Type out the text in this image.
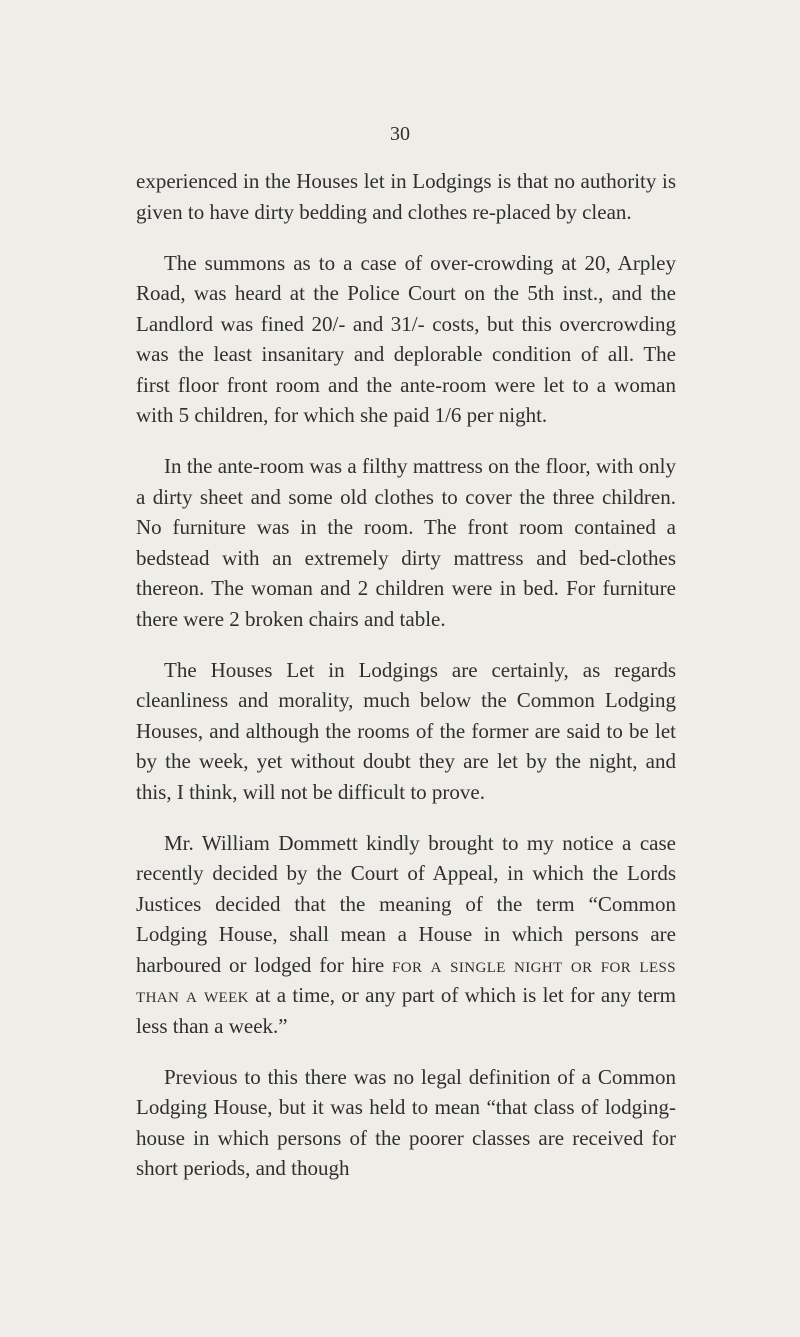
30

experienced in the Houses let in Lodgings is that no authority is given to have dirty bedding and clothes re-placed by clean.

The summons as to a case of over-crowding at 20, Arpley Road, was heard at the Police Court on the 5th inst., and the Landlord was fined 20/- and 31/- costs, but this overcrowding was the least insanitary and deplorable condition of all. The first floor front room and the ante-room were let to a woman with 5 children, for which she paid 1/6 per night.

In the ante-room was a filthy mattress on the floor, with only a dirty sheet and some old clothes to cover the three children. No furniture was in the room. The front room contained a bedstead with an extremely dirty mattress and bed-clothes thereon. The woman and 2 children were in bed. For furniture there were 2 broken chairs and table.

The Houses Let in Lodgings are certainly, as regards cleanliness and morality, much below the Common Lodging Houses, and although the rooms of the former are said to be let by the week, yet without doubt they are let by the night, and this, I think, will not be difficult to prove.

Mr. William Dommett kindly brought to my notice a case recently decided by the Court of Appeal, in which the Lords Justices decided that the meaning of the term “Common Lodging House, shall mean a House in which persons are harboured or lodged for hire for a single night or for less than a week at a time, or any part of which is let for any term less than a week.”

Previous to this there was no legal definition of a Common Lodging House, but it was held to mean “that class of lodging-house in which persons of the poorer classes are received for short periods, and though
